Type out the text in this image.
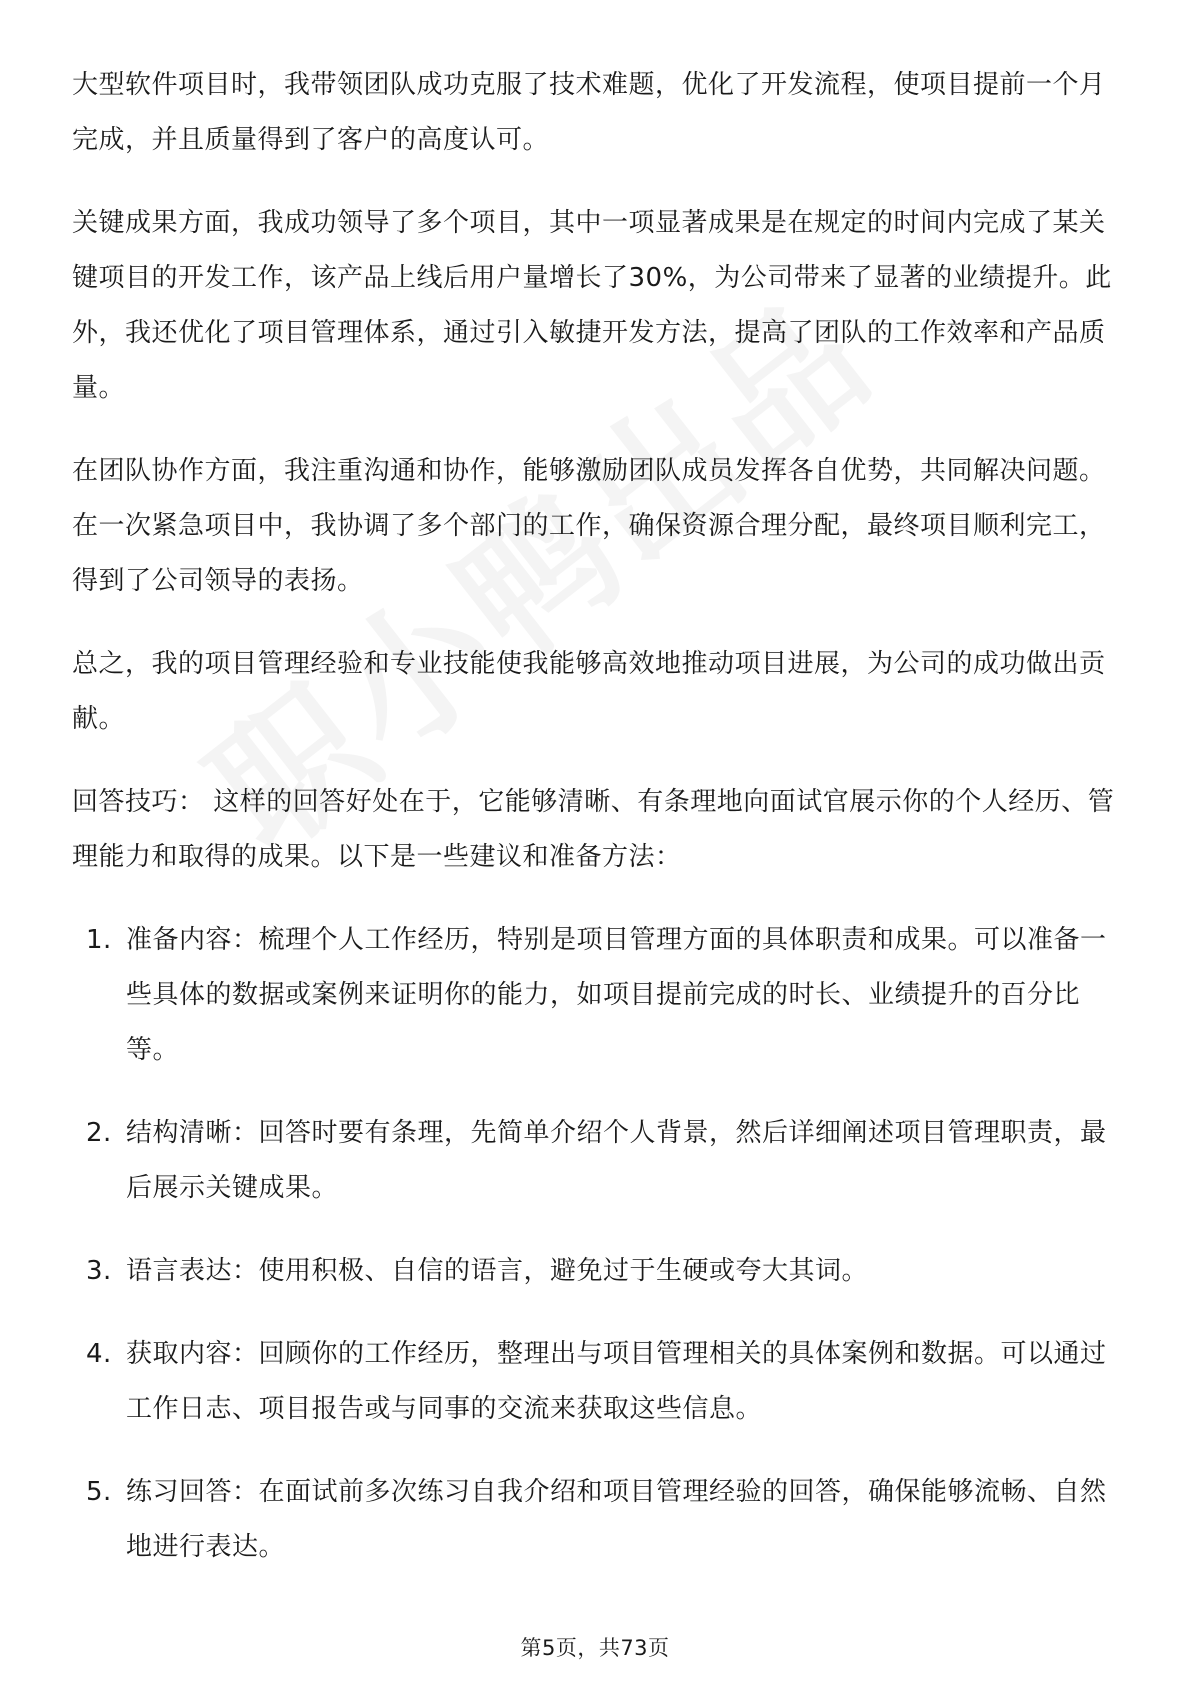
大型软件项目时，我带领团队成功克服了技术难题，优化了开发流程，使项目提前一个月完成，并且质量得到了客户的高度认可。

关键成果方面，我成功领导了多个项目，其中一项显著成果是在规定的时间内完成了某关键项目的开发工作，该产品上线后用户量增长了30%，为公司带来了显著的业绩提升。此外，我还优化了项目管理体系，通过引入敏捷开发方法，提高了团队的工作效率和产品质量。

在团队协作方面，我注重沟通和协作，能够激励团队成员发挥各自优势，共同解决问题。在一次紧急项目中，我协调了多个部门的工作，确保资源合理分配，最终项目顺利完工，得到了公司领导的表扬。

总之，我的项目管理经验和专业技能使我能够高效地推动项目进展，为公司的成功做出贡献。

回答技巧： 这样的回答好处在于，它能够清晰、有条理地向面试官展示你的个人经历、管理能力和取得的成果。以下是一些建议和准备方法：

1. 准备内容：梳理个人工作经历，特别是项目管理方面的具体职责和成果。可以准备一些具体的数据或案例来证明你的能力，如项目提前完成的时长、业绩提升的百分比等。
2. 结构清晰：回答时要有条理，先简单介绍个人背景，然后详细阐述项目管理职责，最后展示关键成果。
3. 语言表达：使用积极、自信的语言，避免过于生硬或夸大其词。
4. 获取内容：回顾你的工作经历，整理出与项目管理相关的具体案例和数据。可以通过工作日志、项目报告或与同事的交流来获取这些信息。
5. 练习回答：在面试前多次练习自我介绍和项目管理经验的回答，确保能够流畅、自然地进行表达。
第5页，共73页
